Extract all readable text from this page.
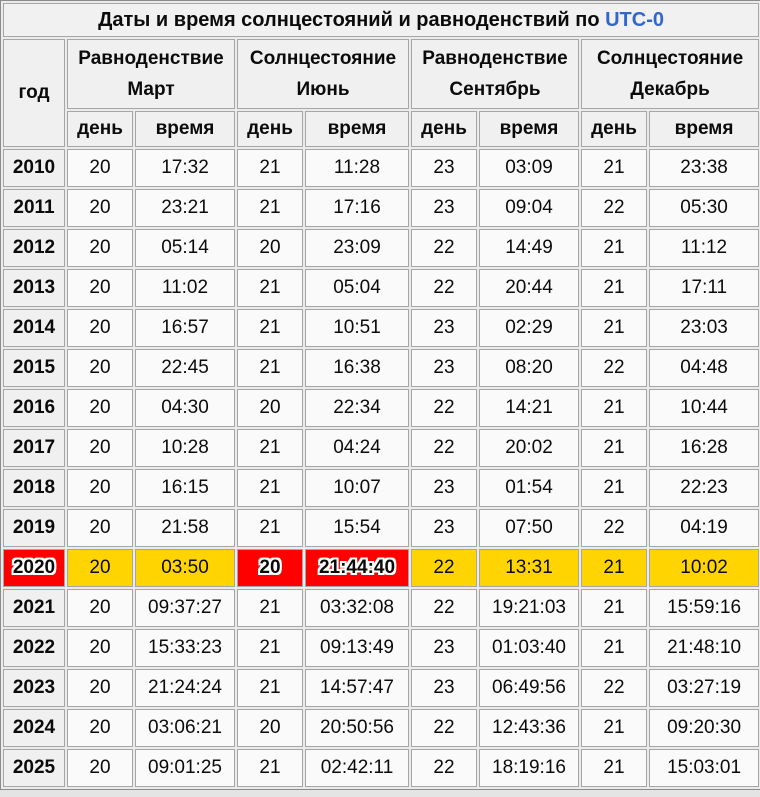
Даты и время солнцестояний и равноденствий по UTC-0								
год	
Равноденствие
Март

Солнцестояние
Июнь

Равноденствие
Сентябрь

Солнцестояние
Декабрь

	день	время	день	время	день	время	день	время
2010	20	17:32	21	11:28	23	03:09	21	23:38
2011	20	23:21	21	17:16	23	09:04	22	05:30
2012	20	05:14	20	23:09	22	14:49	21	11:12
2013	20	11:02	21	05:04	22	20:44	21	17:11
2014	20	16:57	21	10:51	23	02:29	21	23:03
2015	20	22:45	21	16:38	23	08:20	22	04:48
2016	20	04:30	20	22:34	22	14:21	21	10:44
2017	20	10:28	21	04:24	22	20:02	21	16:28
2018	20	16:15	21	10:07	23	01:54	21	22:23
2019	20	21:58	21	15:54	23	07:50	22	04:19
2020	20	03:50	20	21:44:40	22	13:31	21	10:02
2021	20	09:37:27	21	03:32:08	22	19:21:03	21	15:59:16
2022	20	15:33:23	21	09:13:49	23	01:03:40	21	21:48:10
2023	20	21:24:24	21	14:57:47	23	06:49:56	22	03:27:19
2024	20	03:06:21	20	20:50:56	22	12:43:36	21	09:20:30
2025	20	09:01:25	21	02:42:11	22	18:19:16	21	15:03:01
